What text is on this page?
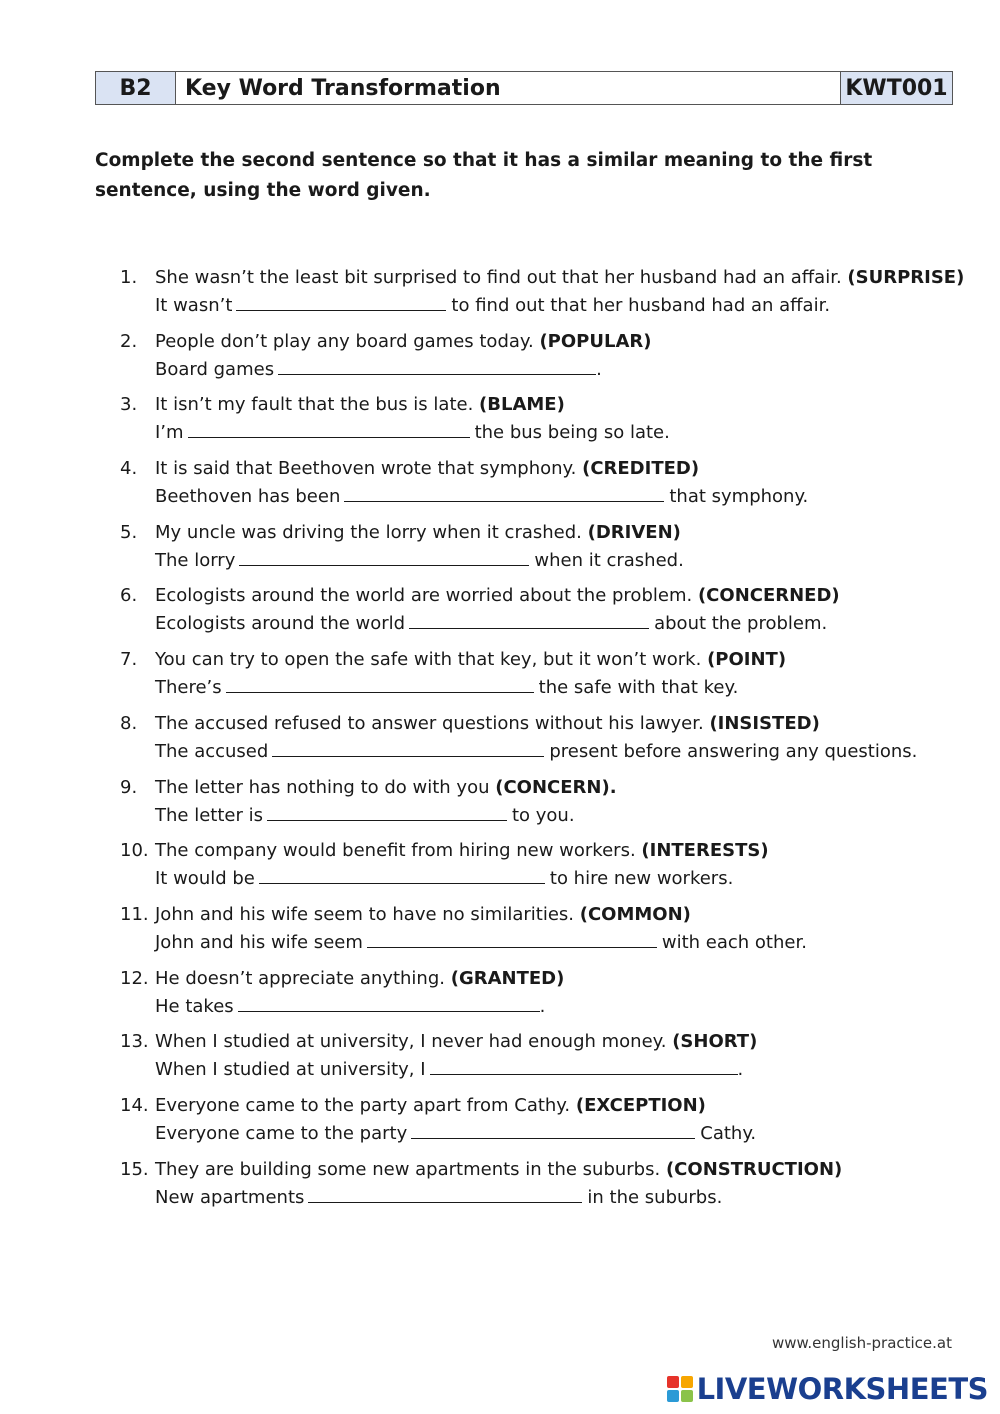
B2	Key Word Transformation	KWT001
Complete the second sentence so that it has a similar meaning to the first sentence, using the word given.
1. She wasn’t the least bit surprised to find out that her husband had an affair. (SURPRISE)
It wasn’t	to find out that her husband had an affair.
2. People don’t play any board games today. (POPULAR)
Board games	.
3. It isn’t my fault that the bus is late. (BLAME)
I’m	the bus being so late.
4. It is said that Beethoven wrote that symphony. (CREDITED)
Beethoven has been	that symphony.
5. My uncle was driving the lorry when it crashed. (DRIVEN)
The lorry	when it crashed.
6. Ecologists around the world are worried about the problem. (CONCERNED)
Ecologists around the world	about the problem.
7. You can try to open the safe with that key, but it won’t work. (POINT)
There’s	the safe with that key.
8. The accused refused to answer questions without his lawyer. (INSISTED)
The accused	present before answering any questions.
9. The letter has nothing to do with you (CONCERN).
The letter is	to you.
10. The company would benefit from hiring new workers. (INTERESTS)
It would be	to hire new workers.
11. John and his wife seem to have no similarities. (COMMON)
John and his wife seem	with each other.
12. He doesn’t appreciate anything. (GRANTED)
He takes	.
13. When I studied at university, I never had enough money. (SHORT)
When I studied at university, I	.
14. Everyone came to the party apart from Cathy. (EXCEPTION)
Everyone came to the party	Cathy.
15. They are building some new apartments in the suburbs. (CONSTRUCTION)
New apartments	in the suburbs.
www.english-practice.at
LIVEWORKSHEETS
